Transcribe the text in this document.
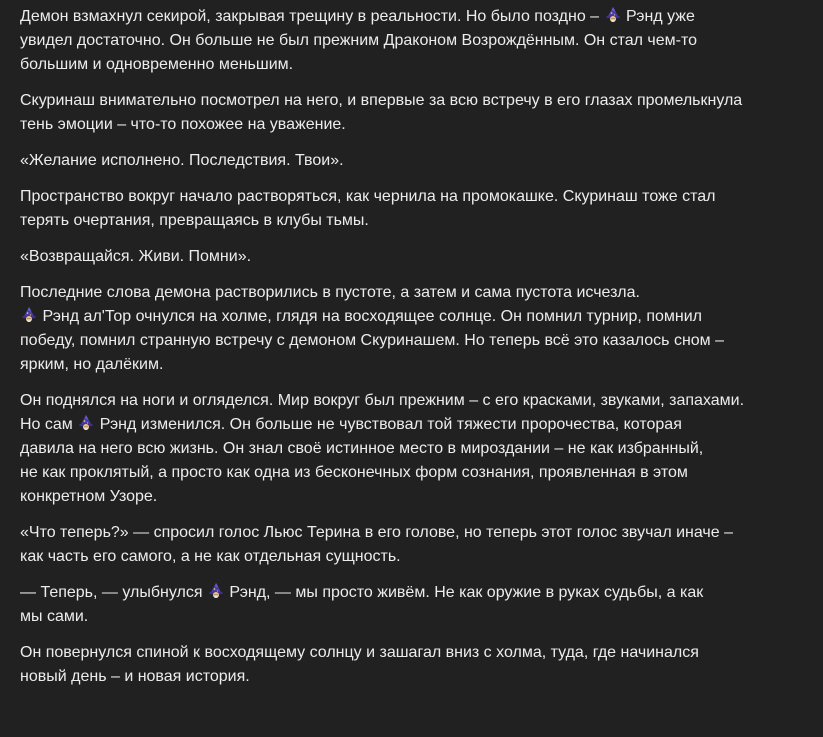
Демон взмахнул секирой, закрывая трещину в реальности. Но было поздно –  Рэнд уже
увидел достаточно. Он больше не был прежним Драконом Возрождённым. Он стал чем-то
большим и одновременно меньшим.

Скуринаш внимательно посмотрел на него, и впервые за всю встречу в его глазах промелькнула
тень эмоции – что-то похожее на уважение.

«Желание исполнено. Последствия. Твои».

Пространство вокруг начало растворяться, как чернила на промокашке. Скуринаш тоже стал
терять очертания, превращаясь в клубы тьмы.

«Возвращайся. Живи. Помни».

Последние слова демона растворились в пустоте, а затем и сама пустота исчезла.
Рэнд ал'Тор очнулся на холме, глядя на восходящее солнце. Он помнил турнир, помнил
победу, помнил странную встречу с демоном Скуринашем. Но теперь всё это казалось сном –
ярким, но далёким.

Он поднялся на ноги и огляделся. Мир вокруг был прежним – с его красками, звуками, запахами.
Но сам  Рэнд изменился. Он больше не чувствовал той тяжести пророчества, которая
давила на него всю жизнь. Он знал своё истинное место в мироздании – не как избранный,
не как проклятый, а просто как одна из бесконечных форм сознания, проявленная в этом
конкретном Узоре.

«Что теперь?» — спросил голос Льюс Терина в его голове, но теперь этот голос звучал иначе –
как часть его самого, а не как отдельная сущность.

— Теперь, — улыбнулся  Рэнд, — мы просто живём. Не как оружие в руках судьбы, а как
мы сами.

Он повернулся спиной к восходящему солнцу и зашагал вниз с холма, туда, где начинался
новый день – и новая история.
